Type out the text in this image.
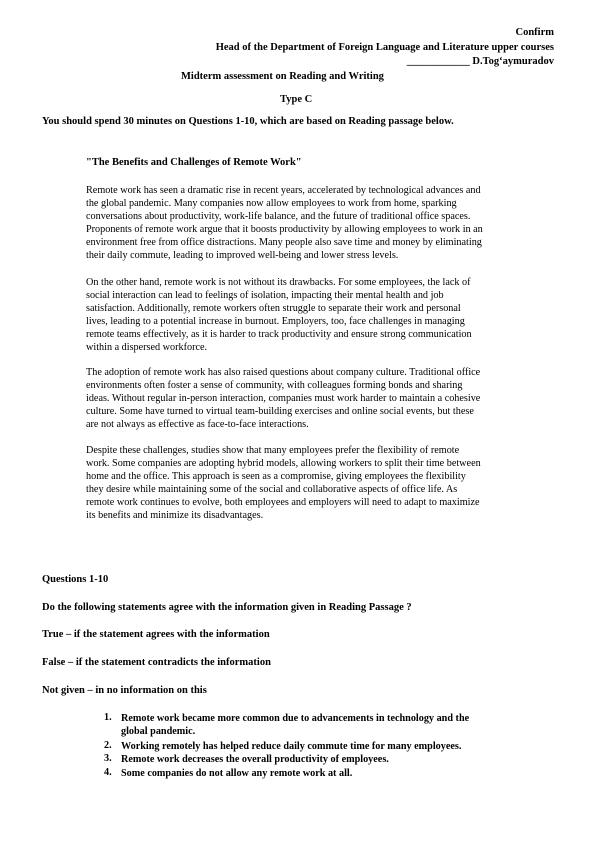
Confirm
Head of the Department of Foreign Language and Literature upper courses
____________ D.Tog‘aymuradov
Midterm assessment on Reading and Writing
Type C
You should spend 30 minutes on Questions 1-10, which are based on Reading passage below.
"The Benefits and Challenges of Remote Work"
Remote work has seen a dramatic rise in recent years, accelerated by technological advances and
the global pandemic. Many companies now allow employees to work from home, sparking
conversations about productivity, work-life balance, and the future of traditional office spaces.
Proponents of remote work argue that it boosts productivity by allowing employees to work in an
environment free from office distractions. Many people also save time and money by eliminating
their daily commute, leading to improved well-being and lower stress levels.
On the other hand, remote work is not without its drawbacks. For some employees, the lack of
social interaction can lead to feelings of isolation, impacting their mental health and job
satisfaction. Additionally, remote workers often struggle to separate their work and personal
lives, leading to a potential increase in burnout. Employers, too, face challenges in managing
remote teams effectively, as it is harder to track productivity and ensure strong communication
within a dispersed workforce.
The adoption of remote work has also raised questions about company culture. Traditional office
environments often foster a sense of community, with colleagues forming bonds and sharing
ideas. Without regular in-person interaction, companies must work harder to maintain a cohesive
culture. Some have turned to virtual team-building exercises and online social events, but these
are not always as effective as face-to-face interactions.
Despite these challenges, studies show that many employees prefer the flexibility of remote
work. Some companies are adopting hybrid models, allowing workers to split their time between
home and the office. This approach is seen as a compromise, giving employees the flexibility
they desire while maintaining some of the social and collaborative aspects of office life. As
remote work continues to evolve, both employees and employers will need to adapt to maximize
its benefits and minimize its disadvantages.
Questions 1-10
Do the following statements agree with the information given in Reading Passage ?
True – if the statement agrees with the information
False – if the statement contradicts the information
Not given – in no information on this
1. Remote work became more common due to advancements in technology and the
global pandemic.
2. Working remotely has helped reduce daily commute time for many employees.
3. Remote work decreases the overall productivity of employees.
4. Some companies do not allow any remote work at all.
